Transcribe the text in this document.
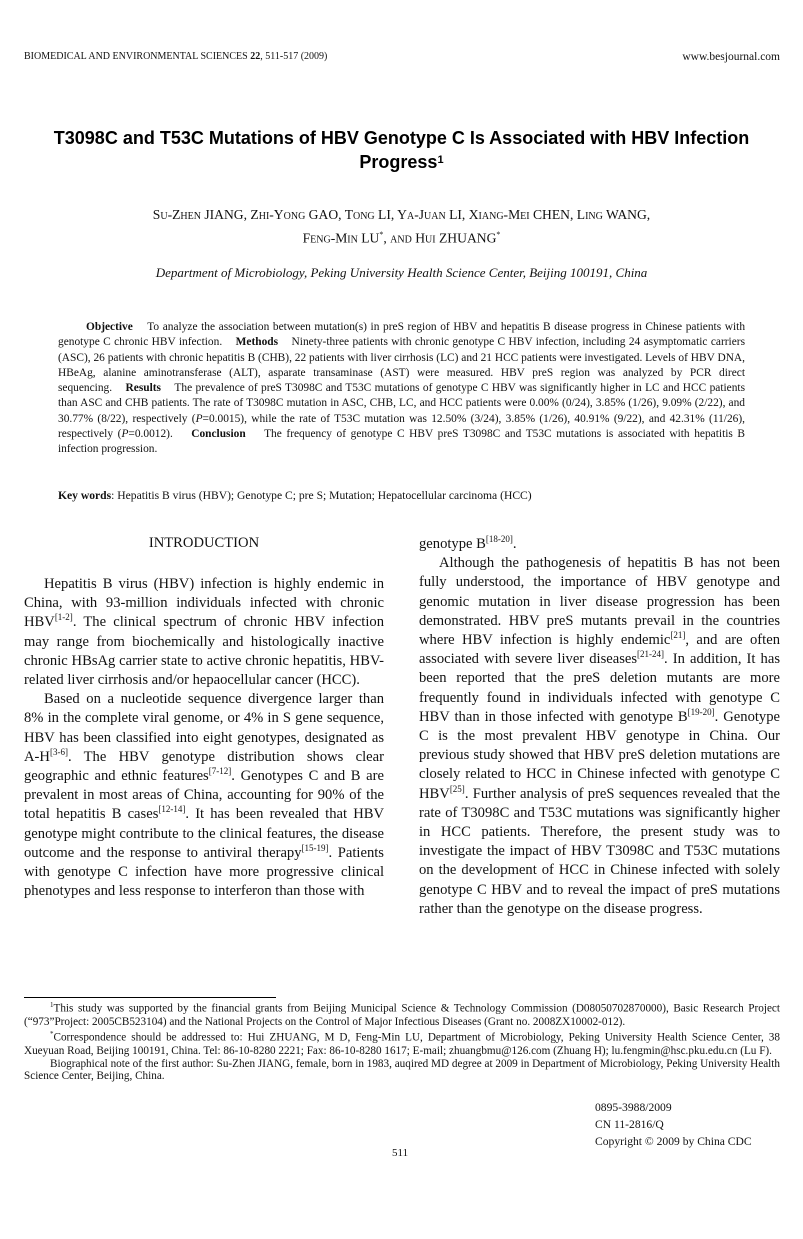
BIOMEDICAL AND ENVIRONMENTAL SCIENCES 22, 511-517 (2009)	www.besjournal.com
T3098C and T53C Mutations of HBV Genotype C Is Associated with HBV Infection Progress$^1$
Su-Zhen JIANG, Zhi-Yong GAO, Tong LI, Ya-Juan LI, Xiang-Mei CHEN, Ling WANG,
Feng-Min LU*, and Hui ZHUANG*
Department of Microbiology, Peking University Health Science Center, Beijing 100191, China
Objective To analyze the association between mutation(s) in preS region of HBV and hepatitis B disease progress in Chinese patients with genotype C chronic HBV infection. Methods Ninety-three patients with chronic genotype C HBV infection, including 24 asymptomatic carriers (ASC), 26 patients with chronic hepatitis B (CHB), 22 patients with liver cirrhosis (LC) and 21 HCC patients were investigated. Levels of HBV DNA, HBeAg, alanine aminotransferase (ALT), asparate transaminase (AST) were measured. HBV preS region was analyzed by PCR direct sequencing. Results The prevalence of preS T3098C and T53C mutations of genotype C HBV was significantly higher in LC and HCC patients than ASC and CHB patients. The rate of T3098C mutation in ASC, CHB, LC, and HCC patients were 0.00% (0/24), 3.85% (1/26), 9.09% (2/22), and 30.77% (8/22), respectively (P=0.0015), while the rate of T53C mutation was 12.50% (3/24), 3.85% (1/26), 40.91% (9/22), and 42.31% (11/26), respectively (P=0.0012). Conclusion The frequency of genotype C HBV preS T3098C and T53C mutations is associated with hepatitis B infection progression.
Key words: Hepatitis B virus (HBV); Genotype C; pre S; Mutation; Hepatocellular carcinoma (HCC)
INTRODUCTION

Hepatitis B virus (HBV) infection is highly endemic in China, with 93-million individuals infected with chronic HBV[1-2]. The clinical spectrum of chronic HBV infection may range from biochemically and histologically inactive chronic HBsAg carrier state to active chronic hepatitis, HBV-related liver cirrhosis and/or hepaocellular cancer (HCC).

Based on a nucleotide sequence divergence larger than 8% in the complete viral genome, or 4% in S gene sequence, HBV has been classified into eight genotypes, designated as A-H[3-6]. The HBV genotype distribution shows clear geographic and ethnic features[7-12]. Genotypes C and B are prevalent in most areas of China, accounting for 90% of the total hepatitis B cases[12-14]. It has been revealed that HBV genotype might contribute to the clinical features, the disease outcome and the response to antiviral therapy[15-19]. Patients with genotype C infection have more progressive clinical phenotypes and less response to interferon than those with

genotype B[18-20].

Although the pathogenesis of hepatitis B has not been fully understood, the importance of HBV genotype and genomic mutation in liver disease progression has been demonstrated. HBV preS mutants prevail in the countries where HBV infection is highly endemic[21], and are often associated with severe liver diseases[21-24]. In addition, It has been reported that the preS deletion mutants are more frequently found in individuals infected with genotype C HBV than in those infected with genotype B[19-20]. Genotype C is the most prevalent HBV genotype in China. Our previous study showed that HBV preS deletion mutations are closely related to HCC in Chinese infected with genotype C HBV[25]. Further analysis of preS sequences revealed that the rate of T3098C and T53C mutations was significantly higher in HCC patients. Therefore, the present study was to investigate the impact of HBV T3098C and T53C mutations on the development of HCC in Chinese infected with solely genotype C HBV and to reveal the impact of preS mutations rather than the genotype on the disease progress.

$^1$This study was supported by the financial grants from Beijing Municipal Science & Technology Commission (D08050702870000), Basic Research Project (“973”Project: 2005CB523104) and the National Projects on the Control of Major Infectious Diseases (Grant no. 2008ZX10002-012).

*Correspondence should be addressed to: Hui ZHUANG, M D, Feng-Min LU, Department of Microbiology, Peking University Health Science Center, 38 Xueyuan Road, Beijing 100191, China. Tel: 86-10-8280 2221; Fax: 86-10-8280 1617; E-mail; zhuangbmu@126.com (Zhuang H); lu.fengmin@hsc.pku.edu.cn (Lu F).

Biographical note of the first author: Su-Zhen JIANG, female, born in 1983, auqired MD degree at 2009 in Department of Microbiology, Peking University Health Science Center, Beijing, China.

0895-3988/2009
CN 11-2816/Q
Copyright © 2009 by China CDC
511
